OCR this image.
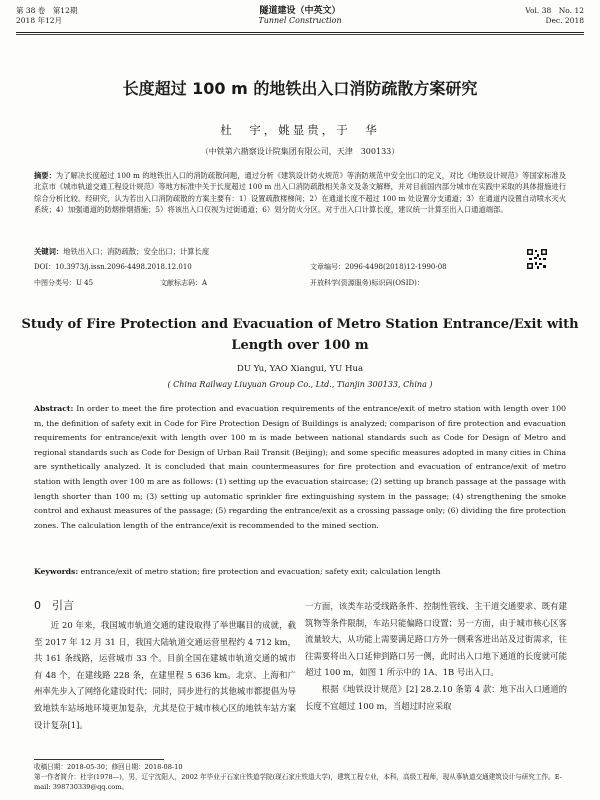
第 38 卷　第12期
2018 年12月
隧道建设（中英文）
Tunnel Construction
Vol. 38　No. 12
Dec. 2018
长度超过 100 m 的地铁出入口消防疏散方案研究
杜　宇，姚显贵，于　华
（中铁第六勘察设计院集团有限公司，天津　300133）
摘要：为了解决长度超过 100 m 的地铁出入口的消防疏散问题，通过分析《建筑设计防火规范》等消防规范中安全出口的定义，对比《地铁设计规范》等国家标准及北京市《城市轨道交通工程设计规范》等地方标准中关于长度超过 100 m 出入口消防疏散相关条文及条文解释，并对目前国内部分城市在实践中采取的具体措施进行综合分析比较。经研究，认为若出入口消防疏散的方案主要有：1）设置疏散楼梯间；2）在通道长度不超过 100 m 处设置分支通道；3）在通道内设置自动喷水灭火系统；4）加强通道的防烟排烟措施；5）将该出入口仅视为过街通道；6）划分防火分区。对于出入口计算长度，建议统一计算至出入口通道端部。
关键词：地铁出入口；消防疏散；安全出口；计算长度
DOI：10.3973/j.issn.2096-4498.2018.12.010	文章编号：2096-4498(2018)12-1990-08
中图分类号：U 45	文献标志码：A	开放科学(资源服务)标识码(OSID)：
Study of Fire Protection and Evacuation of Metro Station Entrance/Exit with Length over 100 m
DU Yu, YAO Xiangui, YU Hua
( China Railway Liuyuan Group Co., Ltd., Tianjin 300133, China )
Abstract: In order to meet the fire protection and evacuation requirements of the entrance/exit of metro station with length over 100 m, the definition of safety exit in Code for Fire Protection Design of Buildings is analyzed; comparison of fire protection and evacuation requirements for entrance/exit with length over 100 m is made between national standards such as Code for Design of Metro and regional standards such as Code for Design of Urban Rail Transit (Beijing); and some specific measures adopted in many cities in China are synthetically analyzed. It is concluded that main countermeasures for fire protection and evacuation of entrance/exit of metro station with length over 100 m are as follows: (1) setting up the evacuation staircase; (2) setting up branch passage at the passage with length shorter than 100 m; (3) setting up automatic sprinkler fire extinguishing system in the passage; (4) strengthening the smoke control and exhaust measures of the passage; (5) regarding the entrance/exit as a crossing passage only; (6) dividing the fire protection zones. The calculation length of the entrance/exit is recommended to the mined section.
Keywords: entrance/exit of metro station; fire protection and evacuation; safety exit; calculation length
0　引言
近 20 年来，我国城市轨道交通的建设取得了举世瞩目的成就，截至 2017 年 12 月 31 日，我国大陆轨道交通运营里程约 4 712 km，共 161 条线路，运营城市 33 个。目前全国在建城市轨道交通的城市有 48 个，在建线路 228 条，在建里程 5 636 km。北京、上海和广州率先步入了网络化建设时代；同时，同步进行的其他城市都提倡为导致地铁车站场地环境更加复杂，尤其是位于城市核心区的地铁车站方案设计复杂[1]。
一方面，该类车站受线路条件、控制性管线、主干道交通要求、既有建筑物等条件限制，车站只能偏路口设置；另一方面，由于城市核心区客流量较大，从功能上需要满足路口方外一侧乘客进出站及过街需求，往往需要将出入口延伸到路口另一侧，此时出入口地下通道的长度就可能超过 100 m，如图 1 所示中的 1A、1B 号出入口。
根据《地铁设计规范》[2] 28.2.10 条第 4 款：地下出入口通道的长度不宜超过 100 m，当超过时应采取
收稿日期：2018-05-30；修回日期：2018-08-10
第一作者简介：杜宇(1978—)，男，辽宁沈阳人，2002 年毕业于石家庄铁道学院(现石家庄铁道大学)，建筑工程专业，本科，高级工程师，现从事轨道交通建筑设计与研究工作。E-mail: 398730339@qq.com。
